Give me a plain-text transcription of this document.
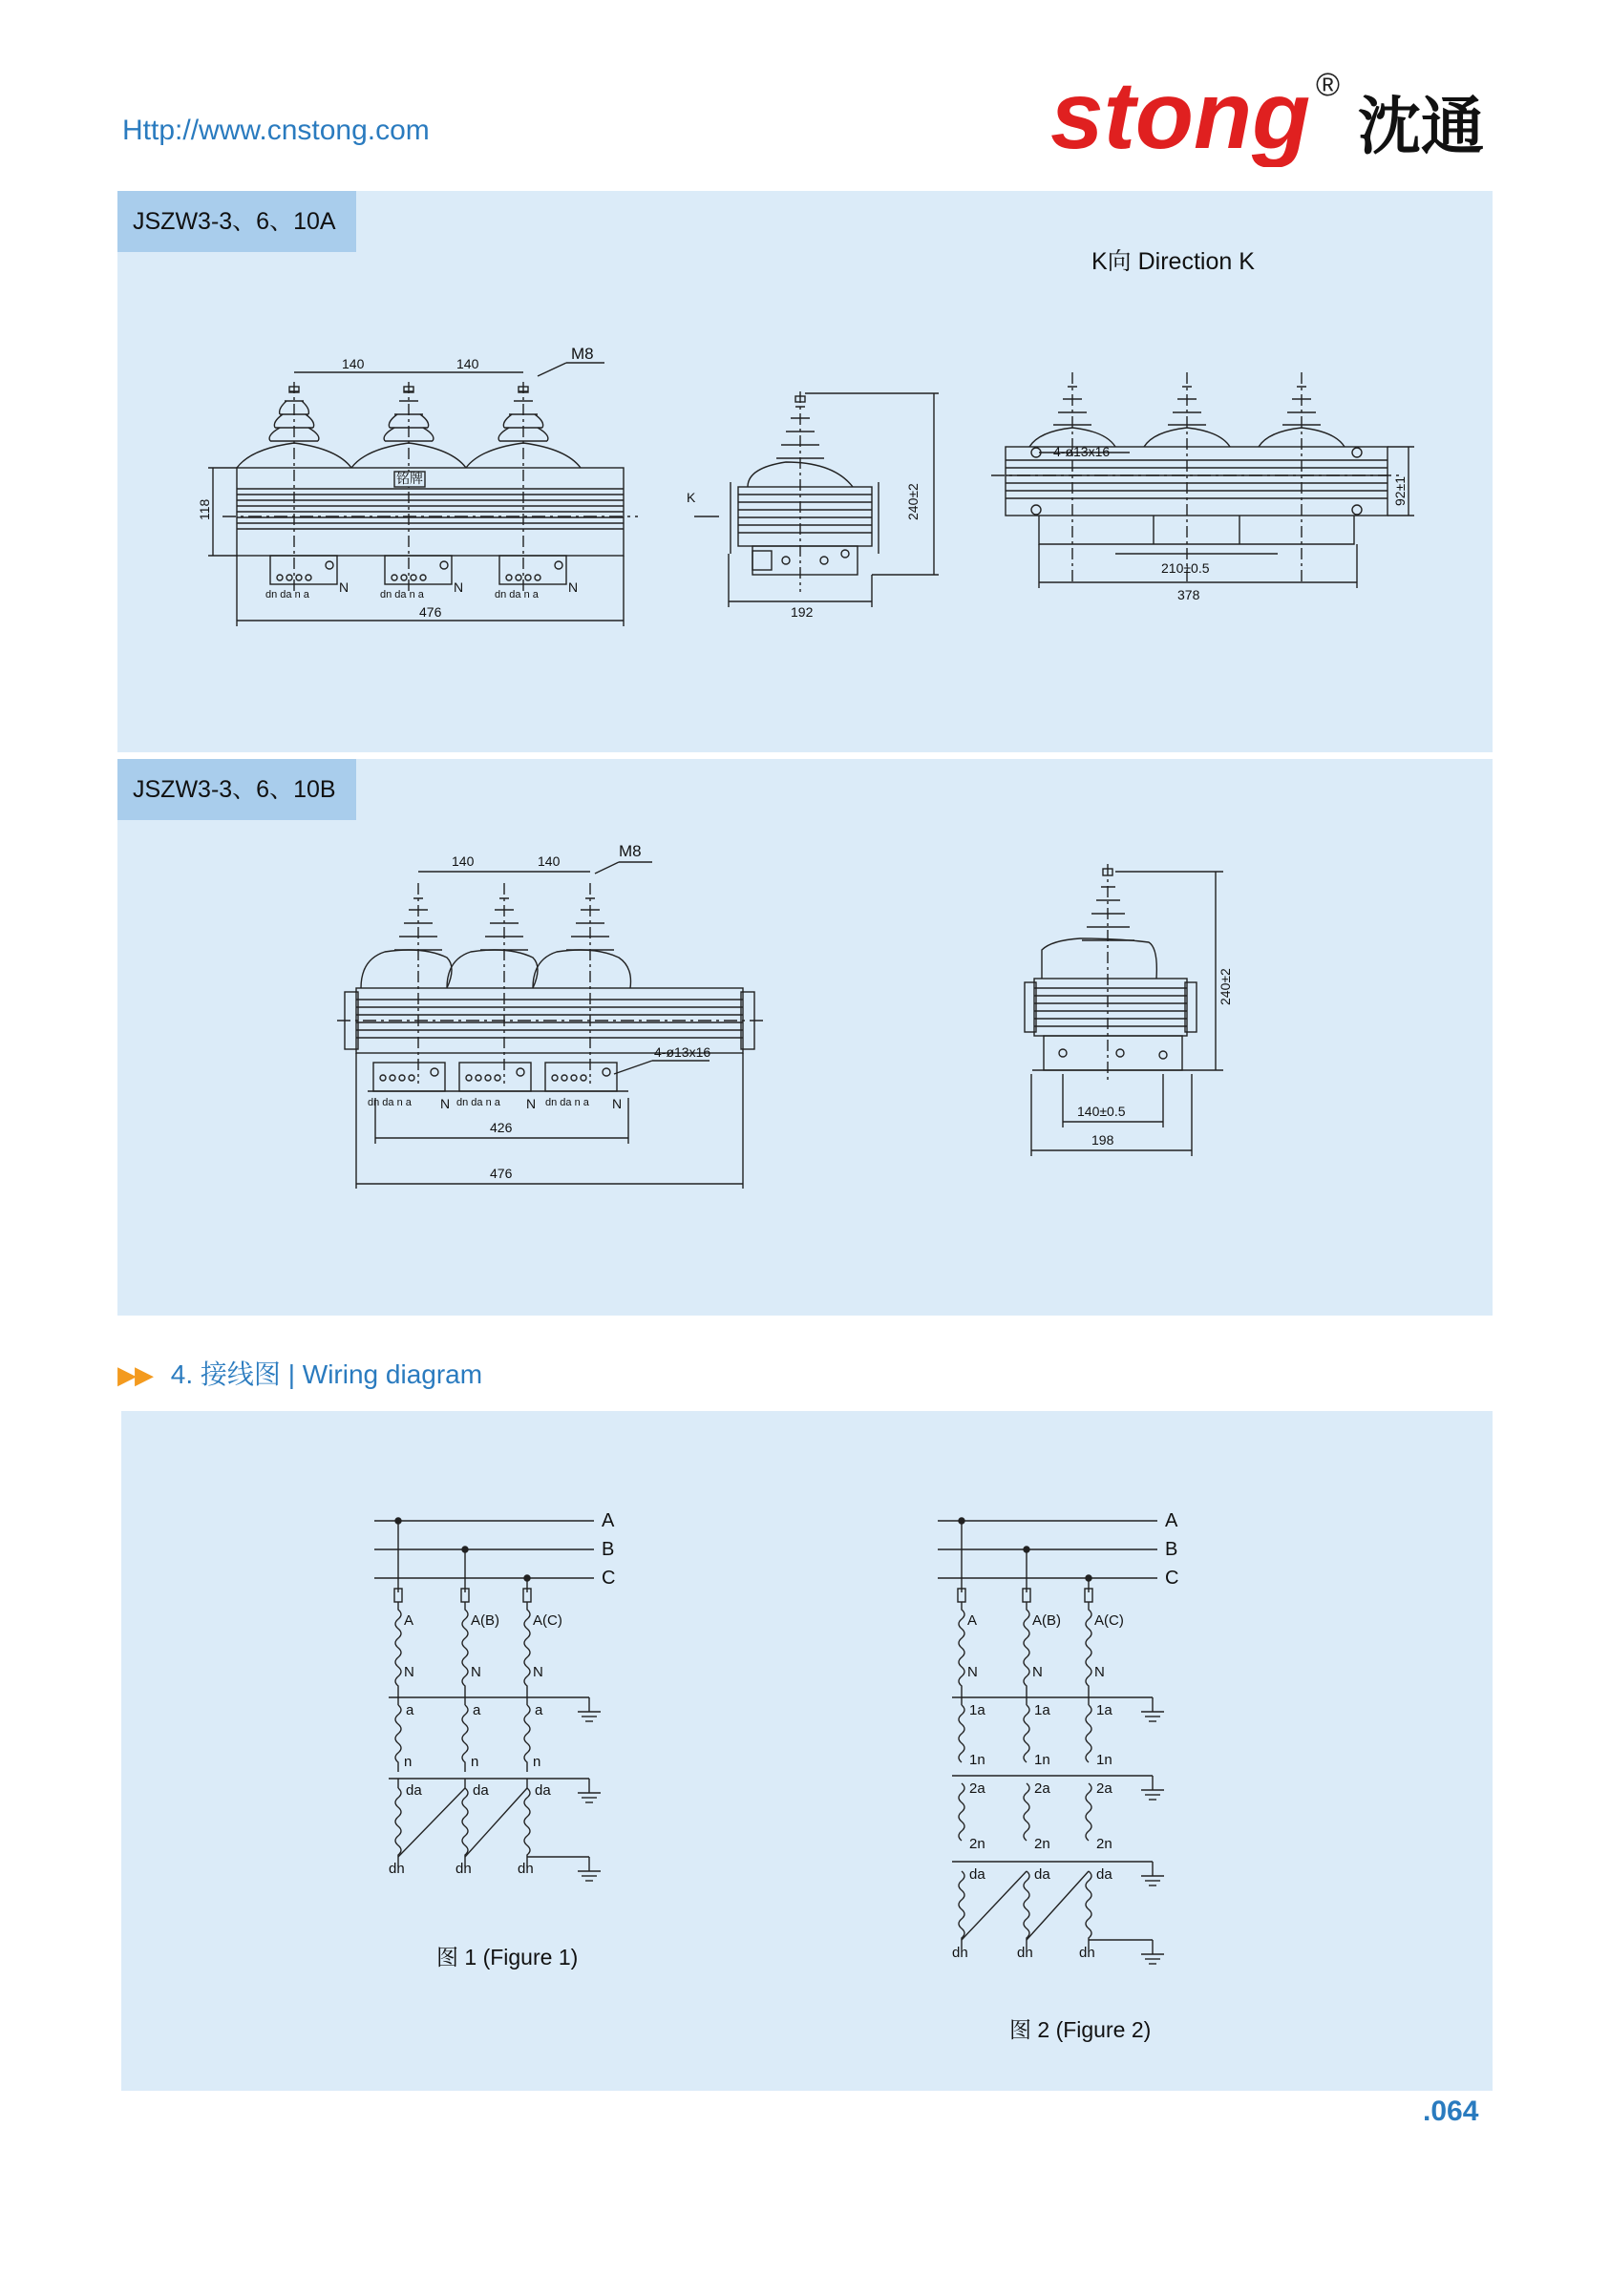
Http://www.cnstong.com	stong ®
沈通
JSZW3-3、6、10A
K向 Direction K
140	140
M8
铭牌
118
476
dn da n a	dn da n a	dn da n a
N	N	N
192
240±2
K
4-ø13x16
92±1
210±0.5
378
JSZW3-3、6、10B
140	140
M8
4-ø13x16
dn da n a	dn da n a	dn da n a
N	N	N
426
476
240±2
140±0.5
198
▶▶ 4. 接线图 | Wiring diagram
A
B
C
A	A(B) A(C)
N	N	N
a	a	a
n	n	n
da	da	da
dn	dn	dn
图 1 (Figure 1)
A
B
C
A	A(B) A(C)
N	N	N
1a	1a	1a
1n	1n	1n
2a	2a	2a
2n	2n	2n
da	da	da
dn	dn	dn
图 2 (Figure 2)
.064
